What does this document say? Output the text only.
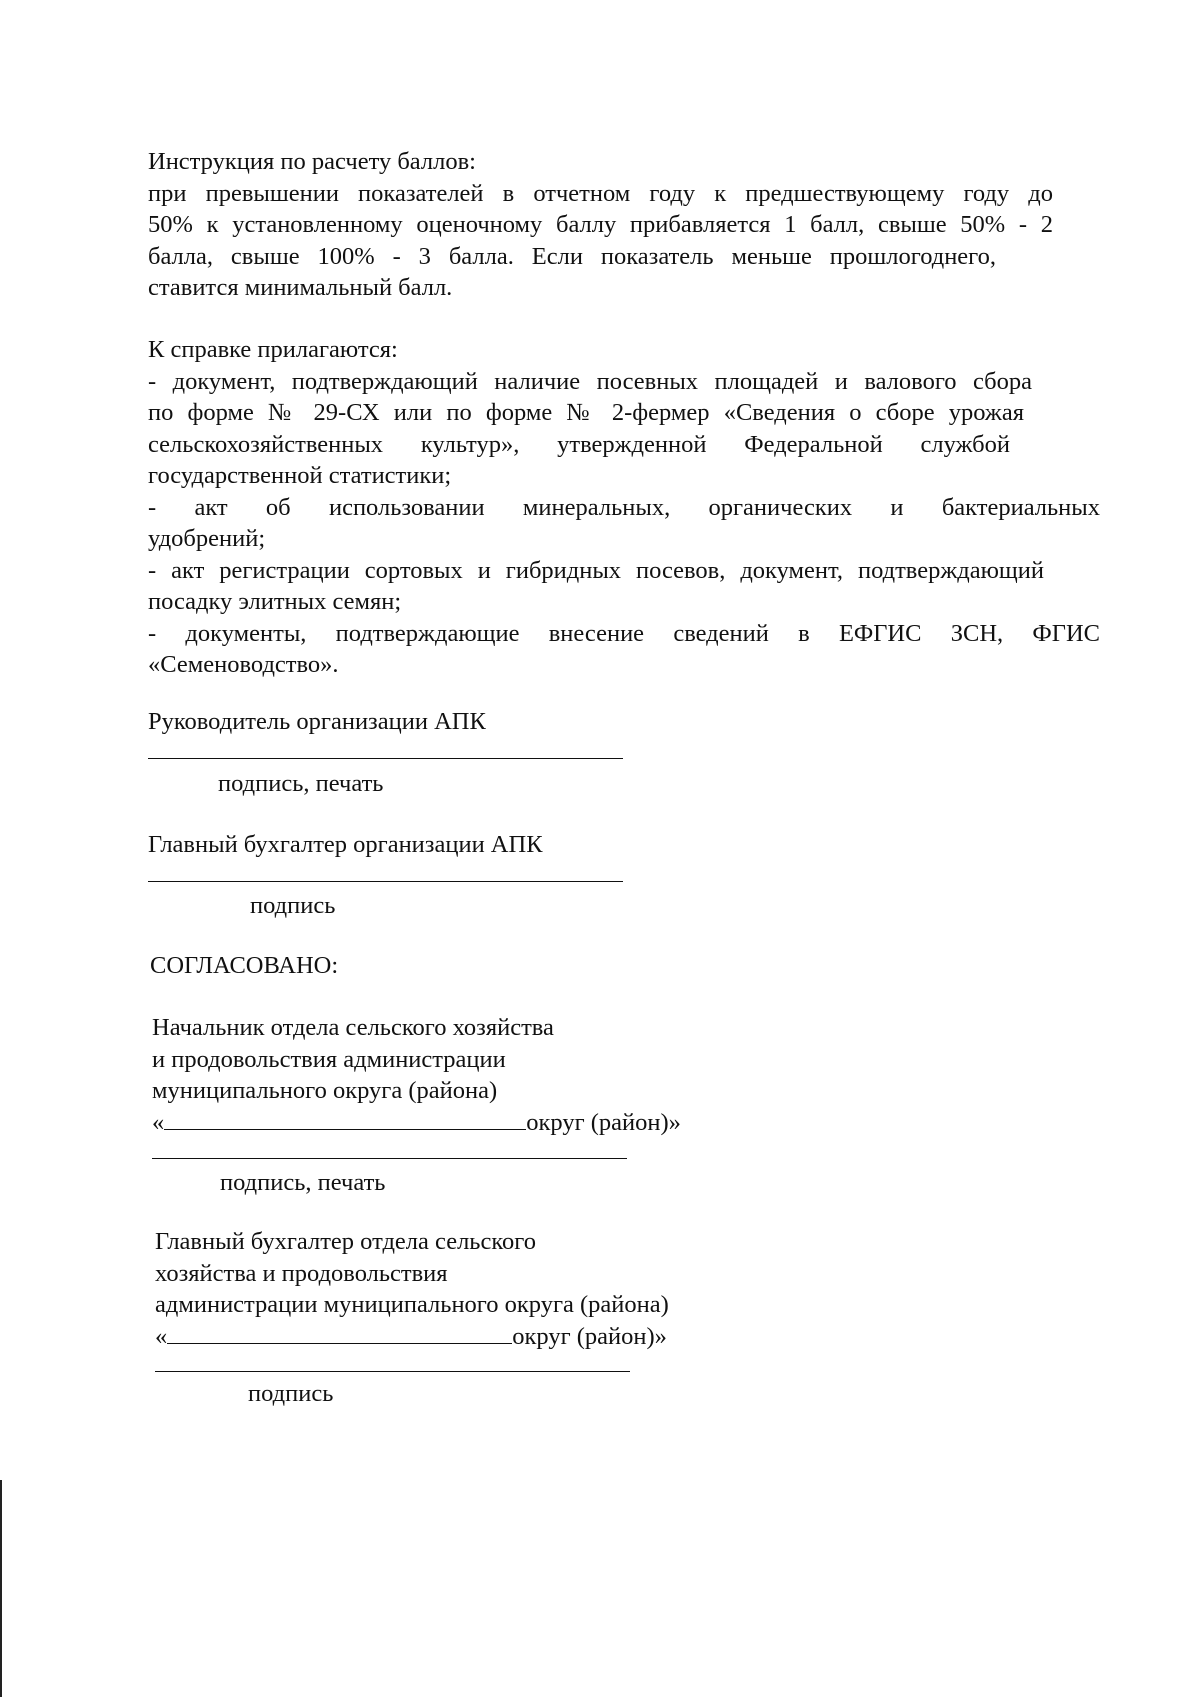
Инструкция по расчету баллов:
при превышении показателей в отчетном году к предшествующему году до
50% к установленному оценочному баллу прибавляется 1 балл, свыше 50% - 2
балла, свыше 100% - 3 балла. Если показатель меньше прошлогоднего,
ставится минимальный балл.
К справке прилагаются:
- документ, подтверждающий наличие посевных площадей и валового сбора
по форме № 29-СХ или по форме № 2-фермер «Сведения о сборе урожая
сельскохозяйственных культур», утвержденной Федеральной службой
государственной статистики;
- акт об использовании минеральных, органических и бактериальных
удобрений;
- акт регистрации сортовых и гибридных посевов, документ, подтверждающий
посадку элитных семян;
- документы, подтверждающие внесение сведений в ЕФГИС ЗСН, ФГИС
«Семеноводство».
Руководитель организации АПК
подпись, печать
Главный бухгалтер организации АПК
подпись
СОГЛАСОВАНО:
Начальник отдела сельского хозяйства
и продовольствия администрации
муниципального округа (района)
«	округ (район)»
подпись, печать
Главный бухгалтер отдела сельского
хозяйства и продовольствия
администрации муниципального округа (района)
«	округ (район)»
подпись
